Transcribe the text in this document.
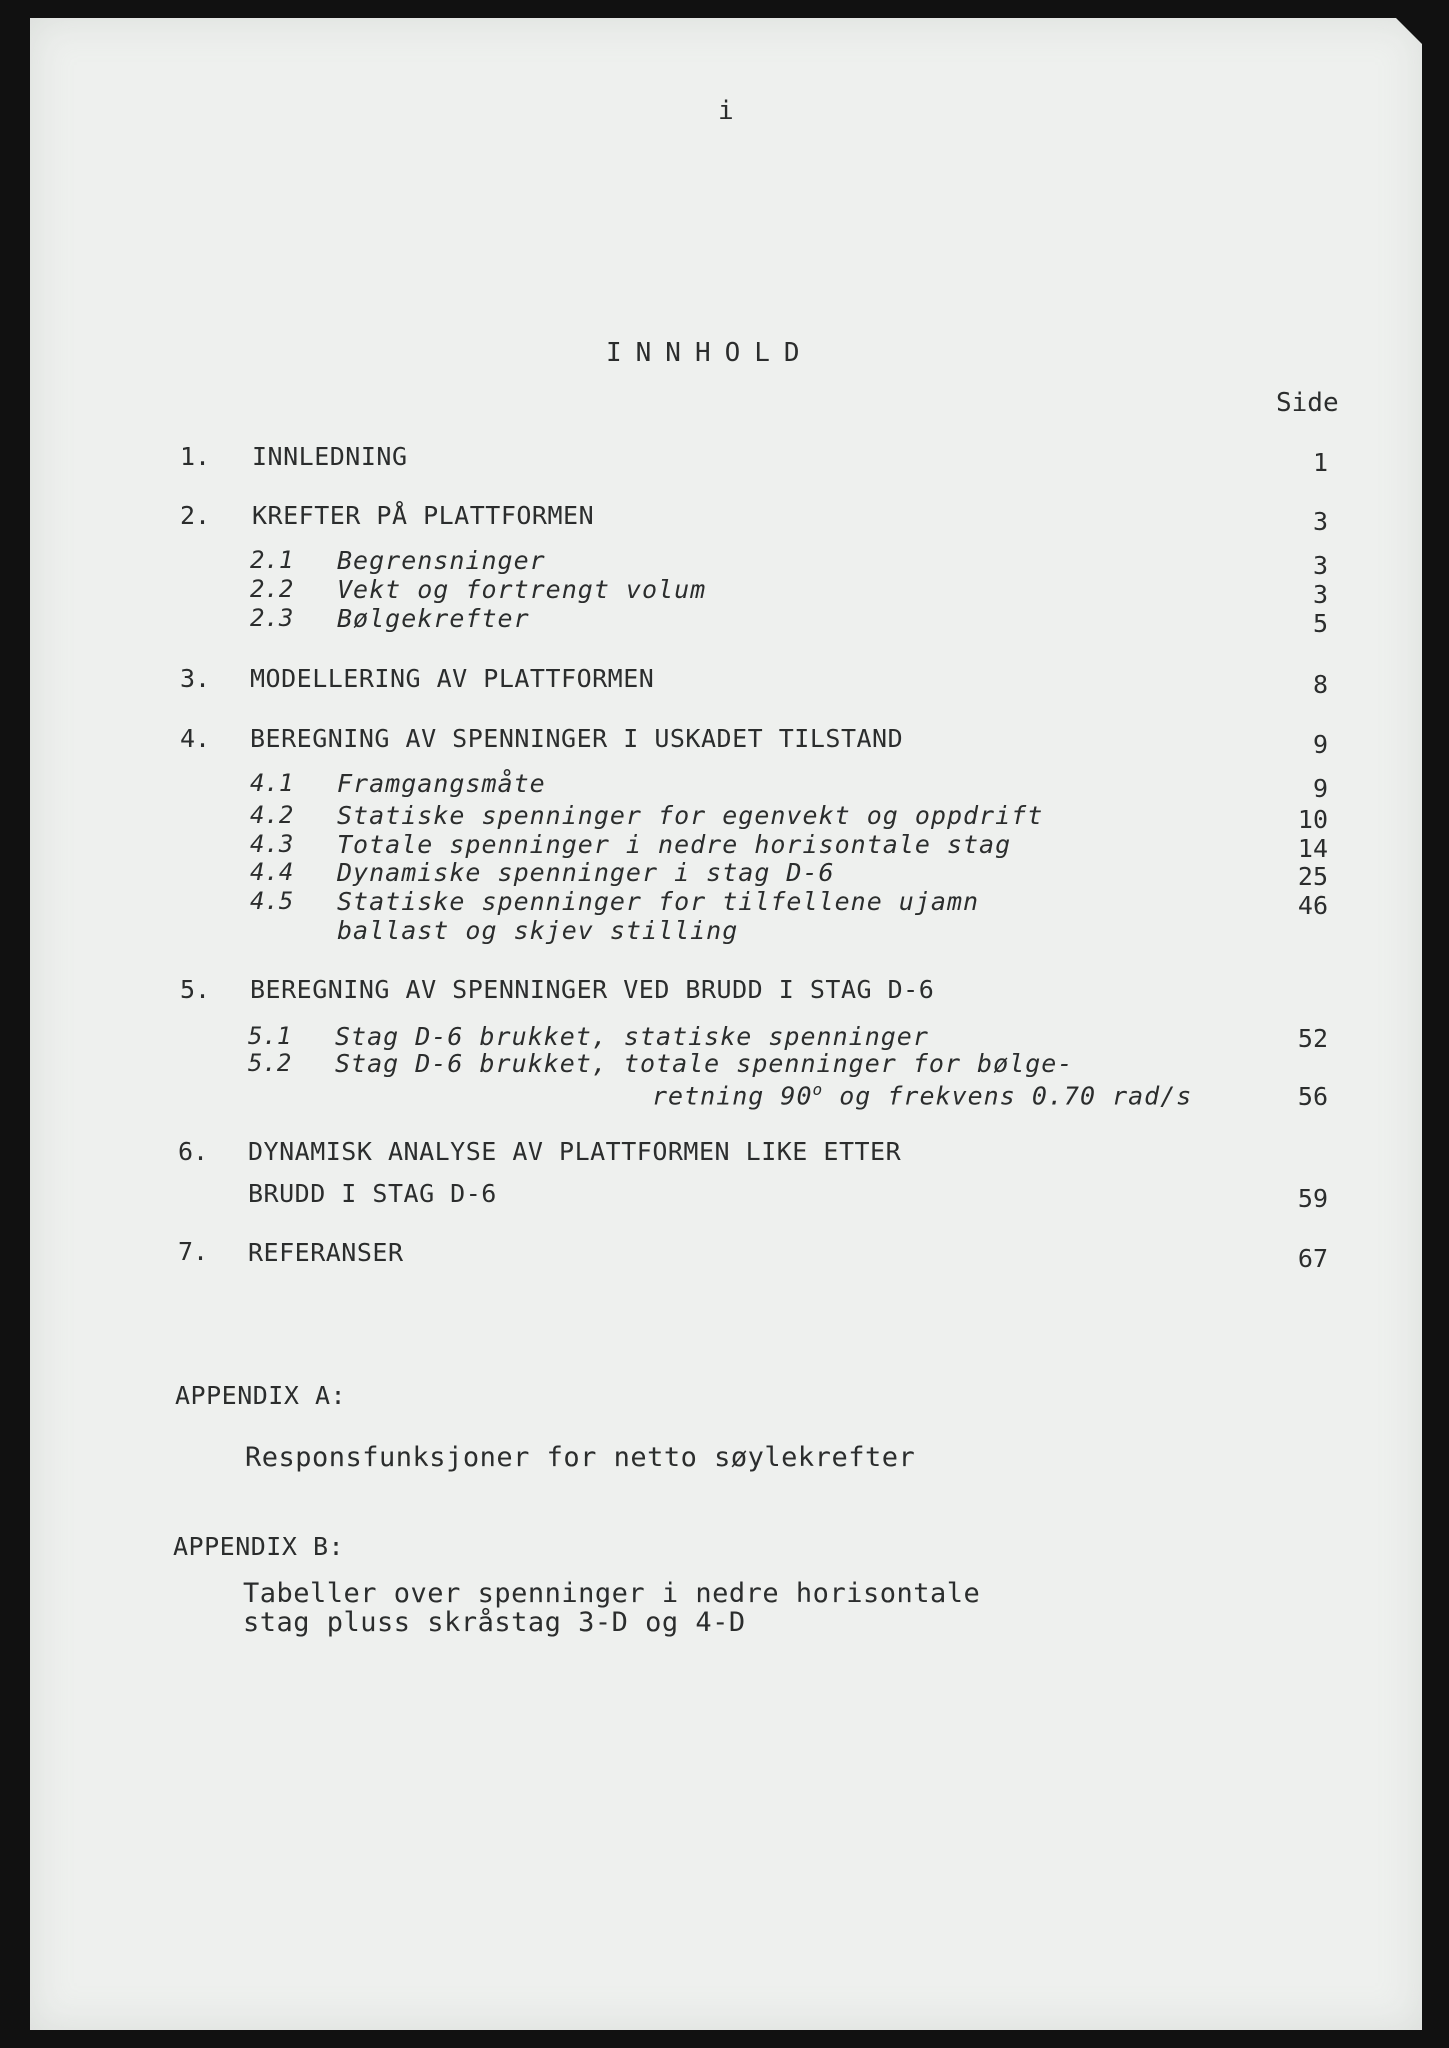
i
INNHOLD
Side
1. INNLEDNING	1
2. KREFTER PÅ PLATTFORMEN	3
2.1 Begrensninger	3
2.2 Vekt og fortrengt volum	3
2.3 Bølgekrefter	5
3. MODELLERING AV PLATTFORMEN	8
4. BEREGNING AV SPENNINGER I USKADET TILSTAND	9
4.1 Framgangsmåte	9
4.2 Statiske spenninger for egenvekt og oppdrift	10
4.3 Totale spenninger i nedre horisontale stag	14
4.4 Dynamiske spenninger i stag D-6	25
4.5 Statiske spenninger for tilfellene ujamn	46
ballast og skjev stilling
5. BEREGNING AV SPENNINGER VED BRUDD I STAG D-6
5.1 Stag D-6 brukket, statiske spenninger	52
5.2 Stag D-6 brukket, totale spenninger for bølge-
retning 90$^o$ og frekvens 0.70 rad/s	56
6. DYNAMISK ANALYSE AV PLATTFORMEN LIKE ETTER
BRUDD I STAG D-6	59
7. REFERANSER	67
APPENDIX A:
Responsfunksjoner for netto søylekrefter
APPENDIX B:
Tabeller over spenninger i nedre horisontale
stag pluss skråstag 3-D og 4-D
